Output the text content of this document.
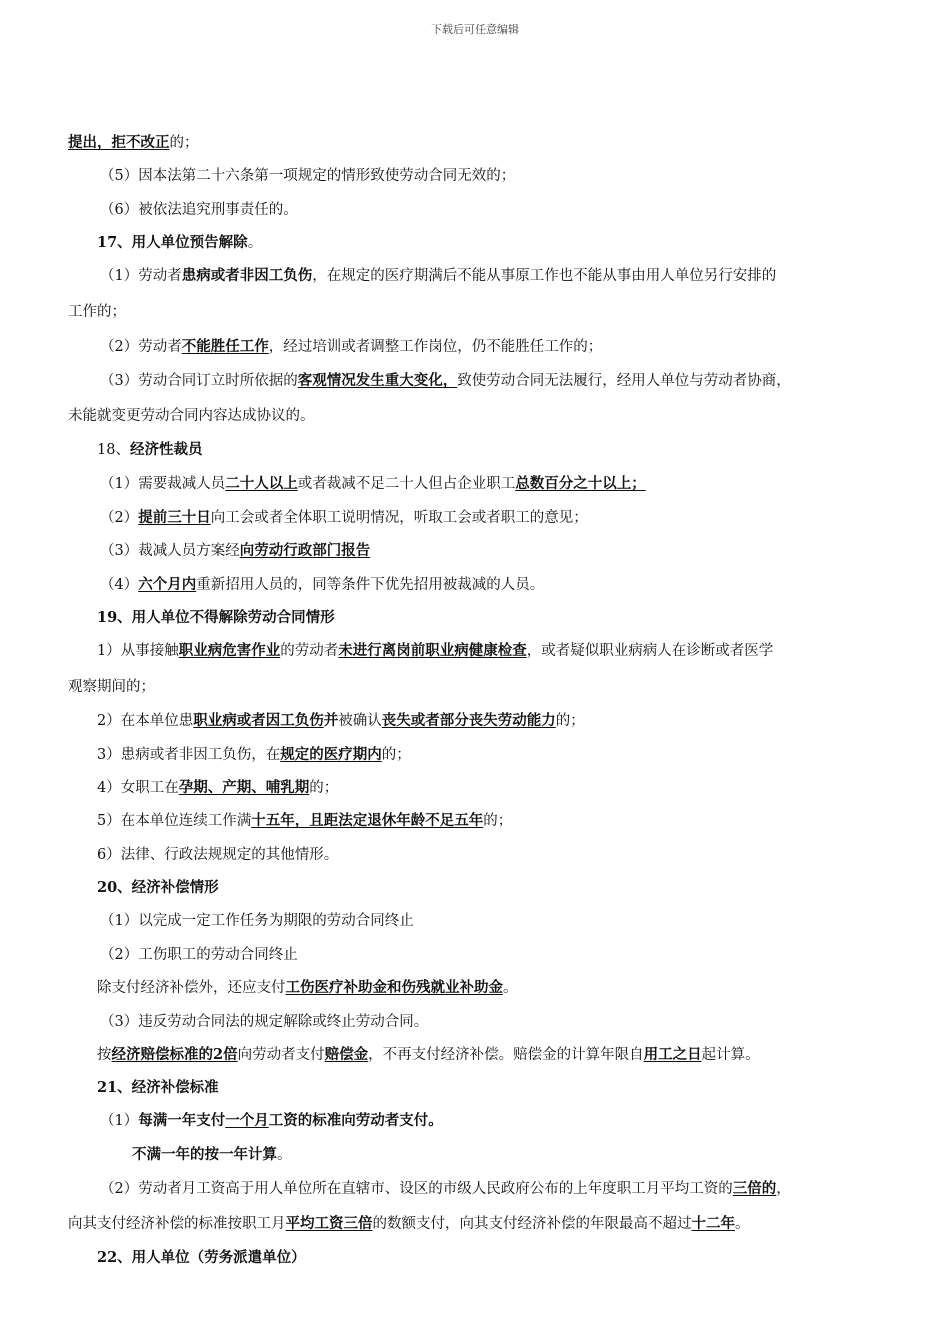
下载后可任意编辑
提出，拒不改正的；
（5）因本法第二十六条第一项规定的情形致使劳动合同无效的；
（6）被依法追究刑事责任的。
17、用人单位预告解除。
（1）劳动者患病或者非因工负伤，在规定的医疗期满后不能从事原工作也不能从事由用人单位另行安排的
工作的；
（2）劳动者不能胜任工作，经过培训或者调整工作岗位，仍不能胜任工作的；
（3）劳动合同订立时所依据的客观情况发生重大变化，致使劳动合同无法履行，经用人单位与劳动者协商，
未能就变更劳动合同内容达成协议的。
18、经济性裁员
（1）需要裁减人员二十人以上或者裁减不足二十人但占企业职工总数百分之十以上；
（2）提前三十日向工会或者全体职工说明情况，听取工会或者职工的意见；
（3）裁减人员方案经向劳动行政部门报告
（4）六个月内重新招用人员的，同等条件下优先招用被裁减的人员。
19、用人单位不得解除劳动合同情形
1）从事接触职业病危害作业的劳动者未进行离岗前职业病健康检查，或者疑似职业病病人在诊断或者医学
观察期间的；
2）在本单位患职业病或者因工负伤并被确认丧失或者部分丧失劳动能力的；
3）患病或者非因工负伤，在规定的医疗期内的；
4）女职工在孕期、产期、哺乳期的；
5）在本单位连续工作满十五年，且距法定退休年龄不足五年的；
6）法律、行政法规规定的其他情形。
20、经济补偿情形
（1）以完成一定工作任务为期限的劳动合同终止
（2）工伤职工的劳动合同终止
除支付经济补偿外，还应支付工伤医疗补助金和伤残就业补助金。
（3）违反劳动合同法的规定解除或终止劳动合同。
按经济赔偿标准的2倍向劳动者支付赔偿金，不再支付经济补偿。赔偿金的计算年限自用工之日起计算。
21、经济补偿标准
（1）每满一年支付一个月工资的标准向劳动者支付。
不满一年的按一年计算。
（2）劳动者月工资高于用人单位所在直辖市、设区的市级人民政府公布的上年度职工月平均工资的三倍的，
向其支付经济补偿的标准按职工月平均工资三倍的数额支付，向其支付经济补偿的年限最高不超过十二年。
22、用人单位（劳务派遣单位）
